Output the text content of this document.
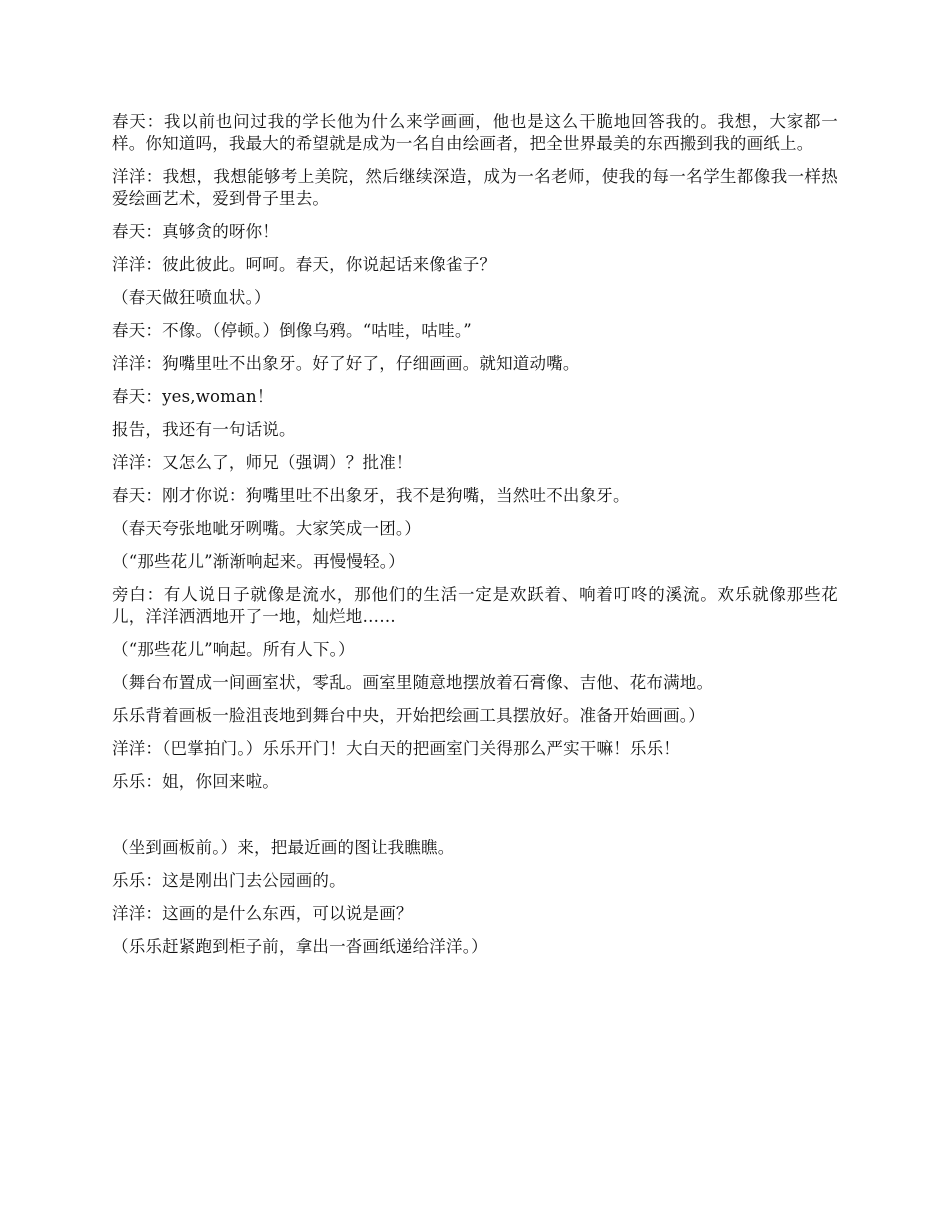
春天：我以前也问过我的学长他为什么来学画画，他也是这么干脆地回答我的。我想，大家都一样。你知道吗，我最大的希望就是成为一名自由绘画者，把全世界最美的东西搬到我的画纸上。

洋洋：我想，我想能够考上美院，然后继续深造，成为一名老师，使我的每一名学生都像我一样热爱绘画艺术，爱到骨子里去。

春天：真够贪的呀你！

洋洋：彼此彼此。呵呵。春天，你说起话来像雀子？

（春天做狂喷血状。）

春天：不像。（停顿。）倒像乌鸦。“咕哇，咕哇。”

洋洋：狗嘴里吐不出象牙。好了好了，仔细画画。就知道动嘴。

春天：yes,woman！

报告，我还有一句话说。

洋洋：又怎么了，师兄（强调）？批准！

春天：刚才你说：狗嘴里吐不出象牙，我不是狗嘴，当然吐不出象牙。

（春天夸张地呲牙咧嘴。大家笑成一团。）

（“那些花儿”渐渐响起来。再慢慢轻。）

旁白：有人说日子就像是流水，那他们的生活一定是欢跃着、响着叮咚的溪流。欢乐就像那些花儿，洋洋洒洒地开了一地，灿烂地……

（“那些花儿”响起。所有人下。）

（舞台布置成一间画室状，零乱。画室里随意地摆放着石膏像、吉他、花布满地。

乐乐背着画板一脸沮丧地到舞台中央，开始把绘画工具摆放好。准备开始画画。）

洋洋：（巴掌拍门。）乐乐开门！大白天的把画室门关得那么严实干嘛！乐乐！

乐乐：姐，你回来啦。

（坐到画板前。）来，把最近画的图让我瞧瞧。

乐乐：这是刚出门去公园画的。

洋洋：这画的是什么东西，可以说是画？

（乐乐赶紧跑到柜子前，拿出一沓画纸递给洋洋。）
